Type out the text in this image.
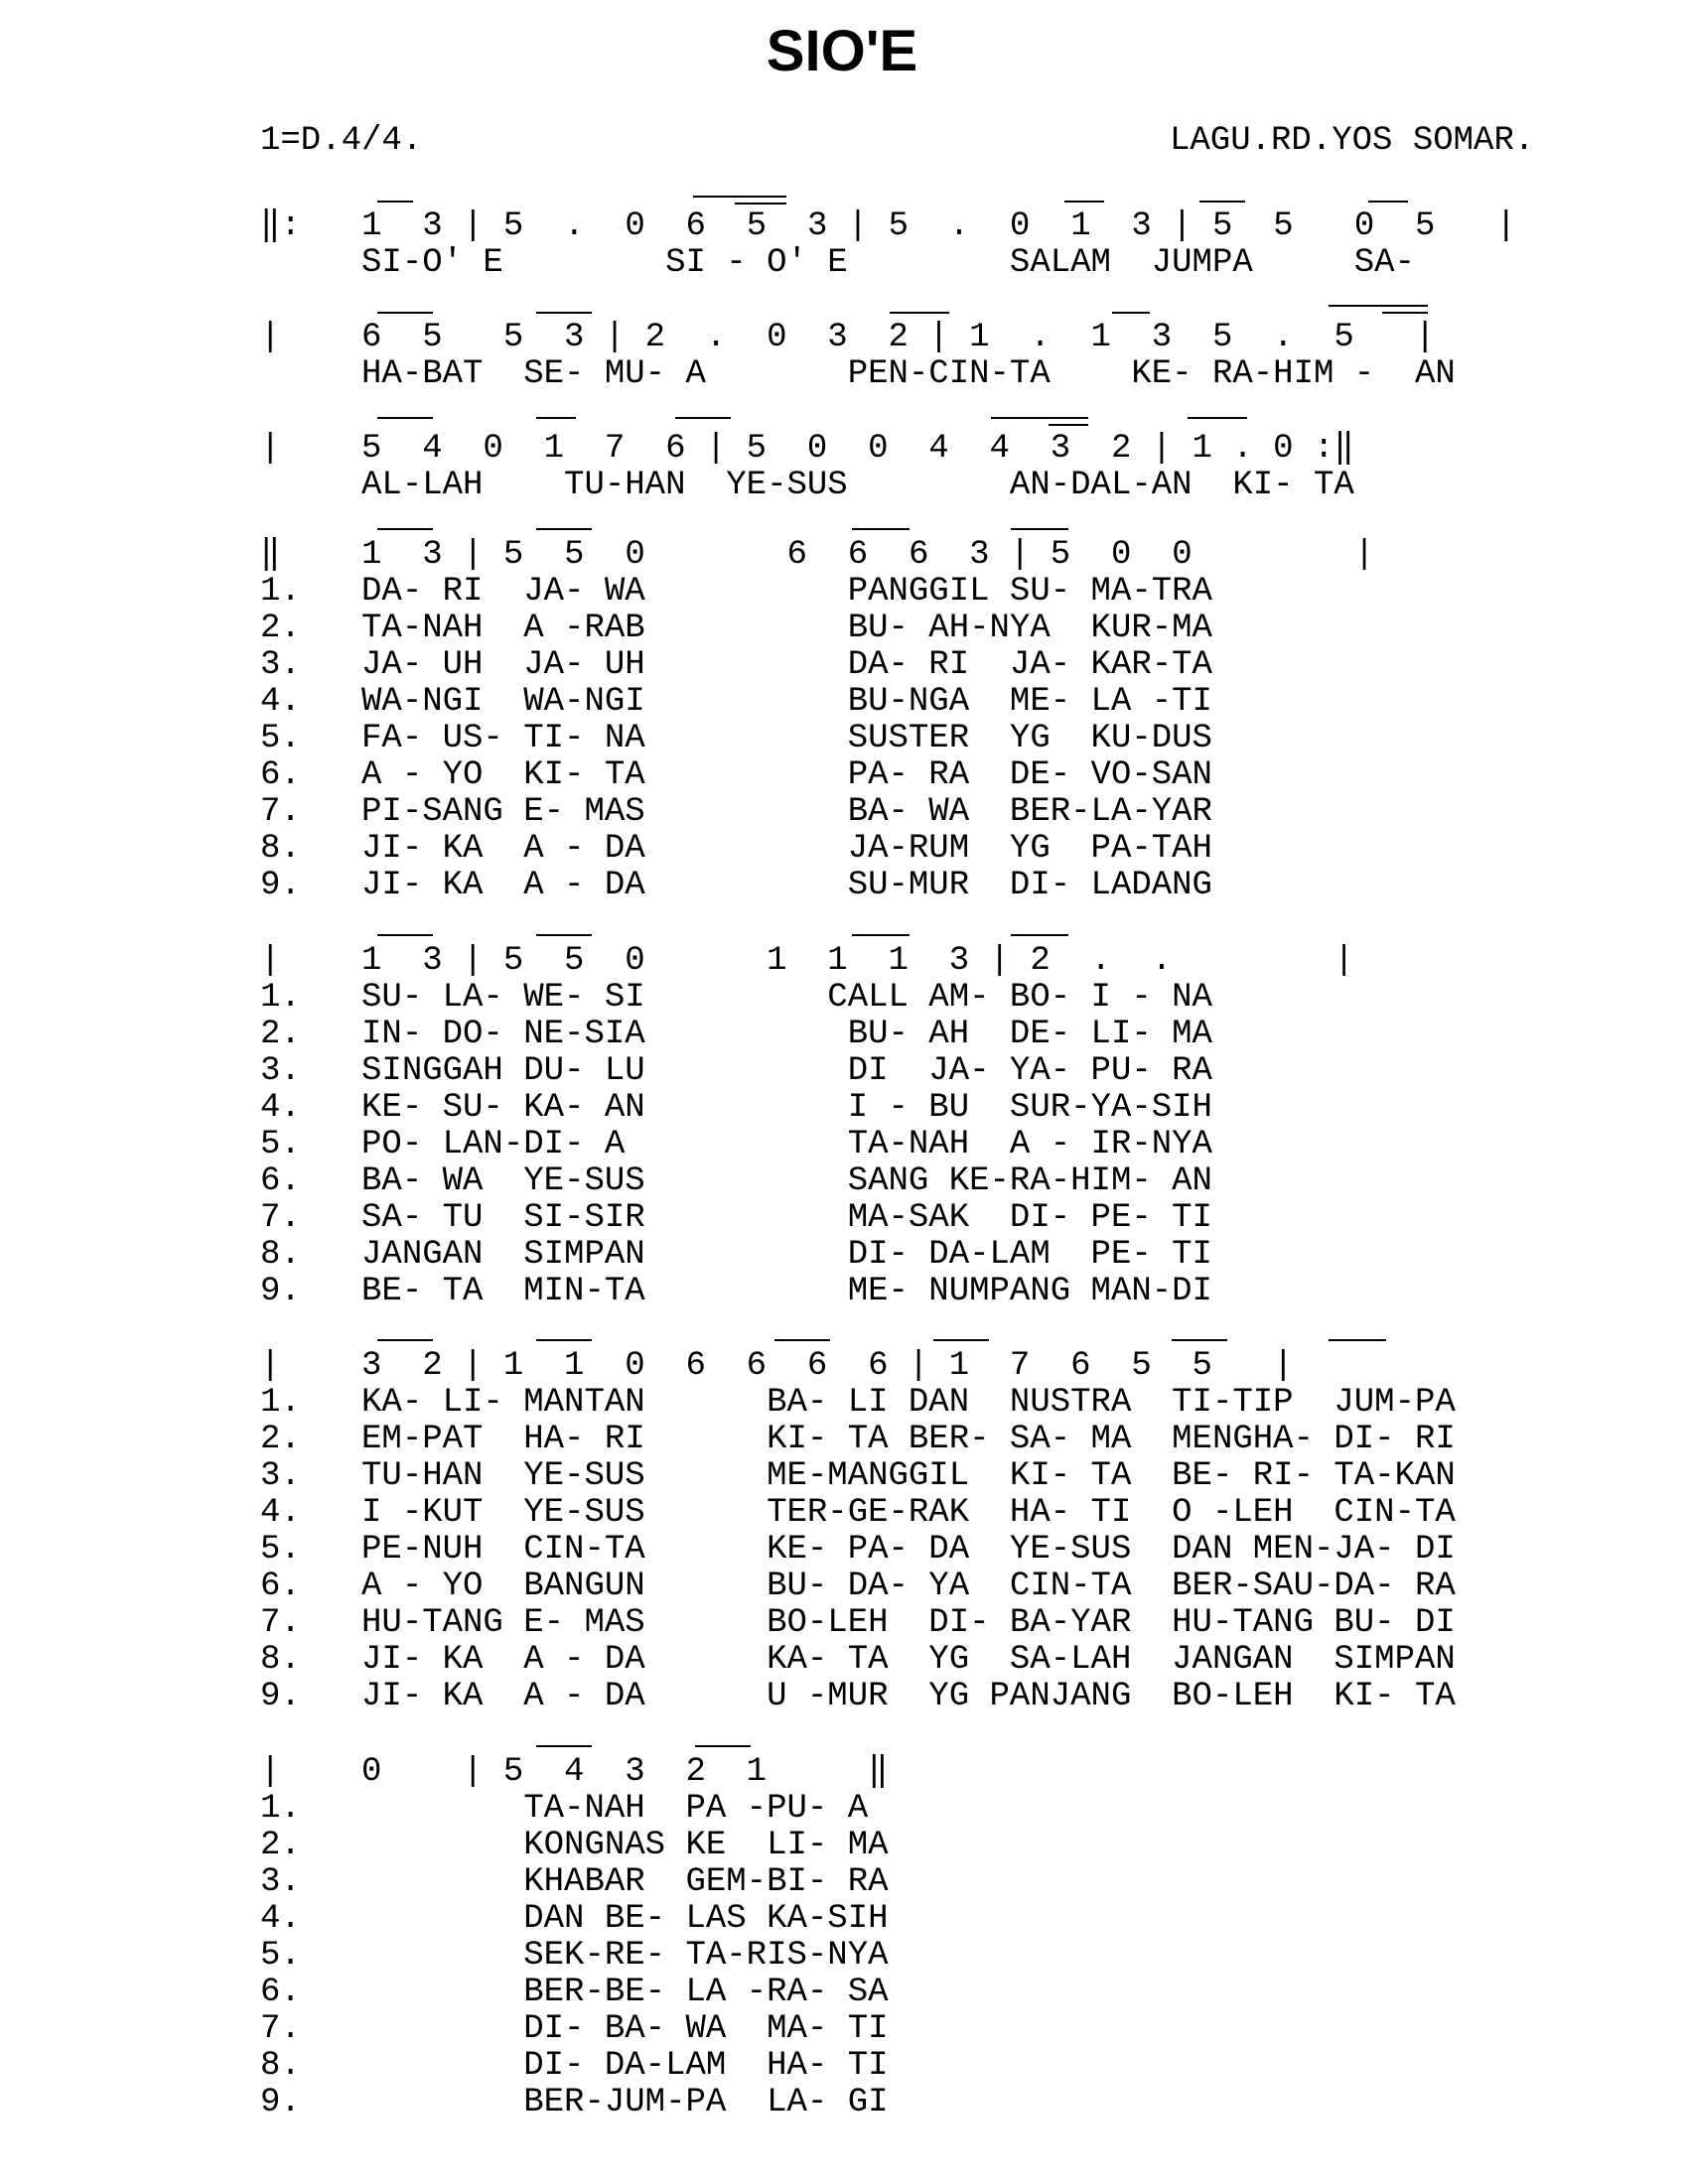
SIO'E
1=D.4/4.	LAGU.RD.YOS SOMAR.
‖:   1  3 | 5  .  0  6  5  3 | 5  .  0  1  3 | 5  5   0  5   |
SI-O' E        SI - O' E        SALAM  JUMPA     SA-
|    6  5   5  3 | 2  .  0  3  2 | 1  .  1  3  5  .  5   |
HA-BAT  SE- MU- A       PEN-CIN-TA    KE- RA-HIM -  AN
|    5  4  0  1  7  6 | 5  0  0  4  4  3  2 | 1 . 0 :‖
AL-LAH    TU-HAN  YE-SUS        AN-DAL-AN  KI- TA
‖    1  3 | 5  5  0       6  6  6  3 | 5  0  0        |
1.   DA- RI  JA- WA          PANGGIL SU- MA-TRA
2.   TA-NAH  A -RAB          BU- AH-NYA  KUR-MA
3.   JA- UH  JA- UH          DA- RI  JA- KAR-TA
4.   WA-NGI  WA-NGI          BU-NGA  ME- LA -TI
5.   FA- US- TI- NA          SUSTER  YG  KU-DUS
6.   A - YO  KI- TA          PA- RA  DE- VO-SAN
7.   PI-SANG E- MAS          BA- WA  BER-LA-YAR
8.   JI- KA  A - DA          JA-RUM  YG  PA-TAH
9.   JI- KA  A - DA          SU-MUR  DI- LADANG
|    1  3 | 5  5  0      1  1  1  3 | 2  .  .        |
1.   SU- LA- WE- SI         CALL AM- BO- I - NA
2.   IN- DO- NE-SIA          BU- AH  DE- LI- MA
3.   SINGGAH DU- LU          DI  JA- YA- PU- RA
4.   KE- SU- KA- AN          I - BU  SUR-YA-SIH
5.   PO- LAN-DI- A           TA-NAH  A - IR-NYA
6.   BA- WA  YE-SUS          SANG KE-RA-HIM- AN
7.   SA- TU  SI-SIR          MA-SAK  DI- PE- TI
8.   JANGAN  SIMPAN          DI- DA-LAM  PE- TI
9.   BE- TA  MIN-TA          ME- NUMPANG MAN-DI
|    3  2 | 1  1  0  6  6  6  6 | 1  7  6  5  5   |
1.   KA- LI- MANTAN      BA- LI DAN  NUSTRA  TI-TIP  JUM-PA
2.   EM-PAT  HA- RI      KI- TA BER- SA- MA  MENGHA- DI- RI
3.   TU-HAN  YE-SUS      ME-MANGGIL  KI- TA  BE- RI- TA-KAN
4.   I -KUT  YE-SUS      TER-GE-RAK  HA- TI  O -LEH  CIN-TA
5.   PE-NUH  CIN-TA      KE- PA- DA  YE-SUS  DAN MEN-JA- DI
6.   A - YO  BANGUN      BU- DA- YA  CIN-TA  BER-SAU-DA- RA
7.   HU-TANG E- MAS      BO-LEH  DI- BA-YAR  HU-TANG BU- DI
8.   JI- KA  A - DA      KA- TA  YG  SA-LAH  JANGAN  SIMPAN
9.   JI- KA  A - DA      U -MUR  YG PANJANG  BO-LEH  KI- TA
|    0    | 5  4  3  2  1     ‖
1.           TA-NAH  PA -PU- A
2.           KONGNAS KE  LI- MA
3.           KHABAR  GEM-BI- RA
4.           DAN BE- LAS KA-SIH
5.           SEK-RE- TA-RIS-NYA
6.           BER-BE- LA -RA- SA
7.           DI- BA- WA  MA- TI
8.           DI- DA-LAM  HA- TI
9.           BER-JUM-PA  LA- GI
